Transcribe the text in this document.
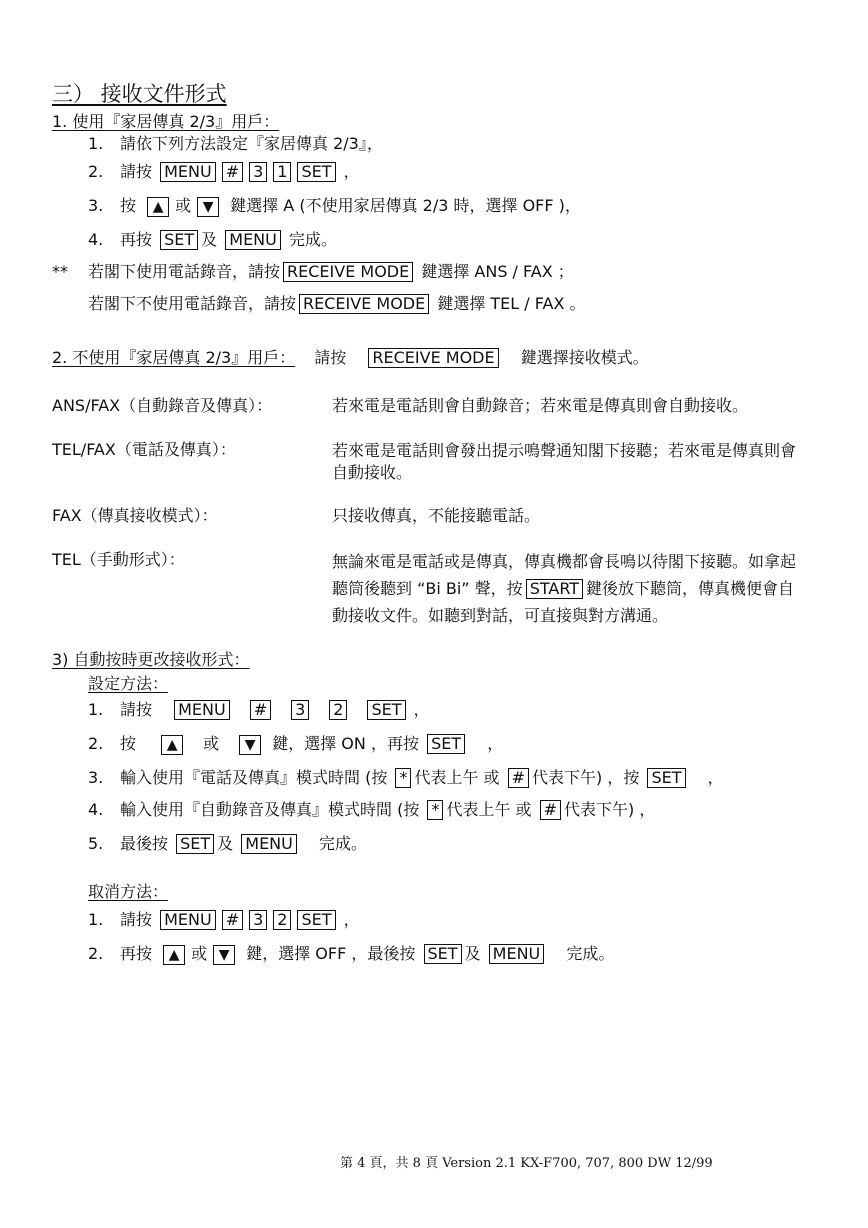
三） 接收文件形式
1. 使用『家居傳真 2/3』用戶：
1. 請依下列方法設定『家居傳真 2/3』，
2. 請按 MENU # 3 1 SET ，
3. 按 ▲ 或 ▼ 鍵選擇 A (不使用家居傳真 2/3 時，選擇 OFF )，
4. 再按 SET 及 MENU 完成。
** 若閣下使用電話錄音，請按 RECEIVE MODE 鍵選擇 ANS / FAX ；
若閣下不使用電話錄音，請按 RECEIVE MODE 鍵選擇 TEL / FAX 。
2. 不使用『家居傳真 2/3』用戶： 請按 RECEIVE MODE 鍵選擇接收模式。
ANS/FAX（自動錄音及傳真）：	若來電是電話則會自動錄音；若來電是傳真則會自動接收。
TEL/FAX（電話及傳真）：	若來電是電話則會發出提示鳴聲通知閣下接聽；若來電是傳真則會自動接收。
FAX（傳真接收模式）：	只接收傳真，不能接聽電話。
TEL（手動形式）：	無論來電是電話或是傳真，傳真機都會長鳴以待閣下接聽。如拿起聽筒後聽到 “Bi Bi” 聲，按 START 鍵後放下聽筒，傳真機便會自動接收文件。如聽到對話，可直接與對方溝通。
3) 自動按時更改接收形式：
設定方法：
1. 請按 MENU # 3 2 SET ，
2. 按 ▲ 或 ▼ 鍵，選擇 ON ，再按 SET ，
3. 輸入使用『電話及傳真』模式時間 (按 * 代表上午 或 # 代表下午) ，按 SET ，
4. 輸入使用『自動錄音及傳真』模式時間 (按 * 代表上午 或 # 代表下午) ，
5. 最後按 SET 及 MENU 完成。
取消方法：
1. 請按 MENU # 3 2 SET ，
2. 再按 ▲ 或 ▼ 鍵，選擇 OFF ，最後按 SET 及 MENU 完成。
第 4 頁，共 8 頁 Version 2.1 KX-F700, 707, 800 DW 12/99
